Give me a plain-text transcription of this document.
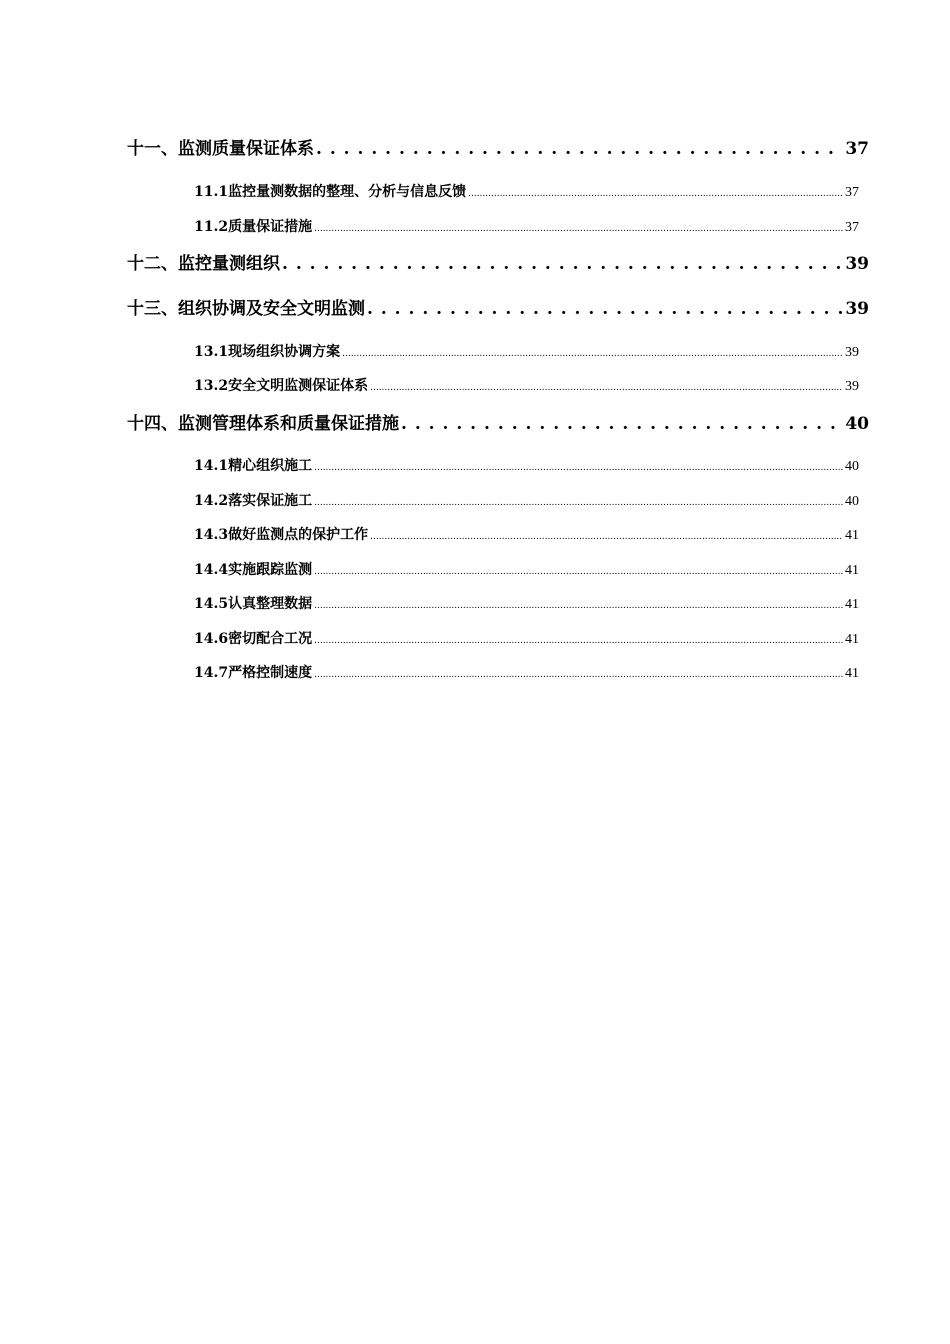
十一、监测质量保证体系 . . .	37
11.1监控量测数据的整理、分析与信息反馈 .....	37
11.2质量保证措施 .....	37
十二、监控量测组织 . . .	39
十三、组织协调及安全文明监测 . . .	39
13.1现场组织协调方案 .....	39
13.2安全文明监测保证体系 .....	39
十四、监测管理体系和质量保证措施 . . .	40
14.1精心组织施工 .....	40
14.2落实保证施工 .....	40
14.3做好监测点的保护工作 .....	41
14.4实施跟踪监测 .....	41
14.5认真整理数据 .....	41
14.6密切配合工况 .....	41
14.7严格控制速度 .....	41
